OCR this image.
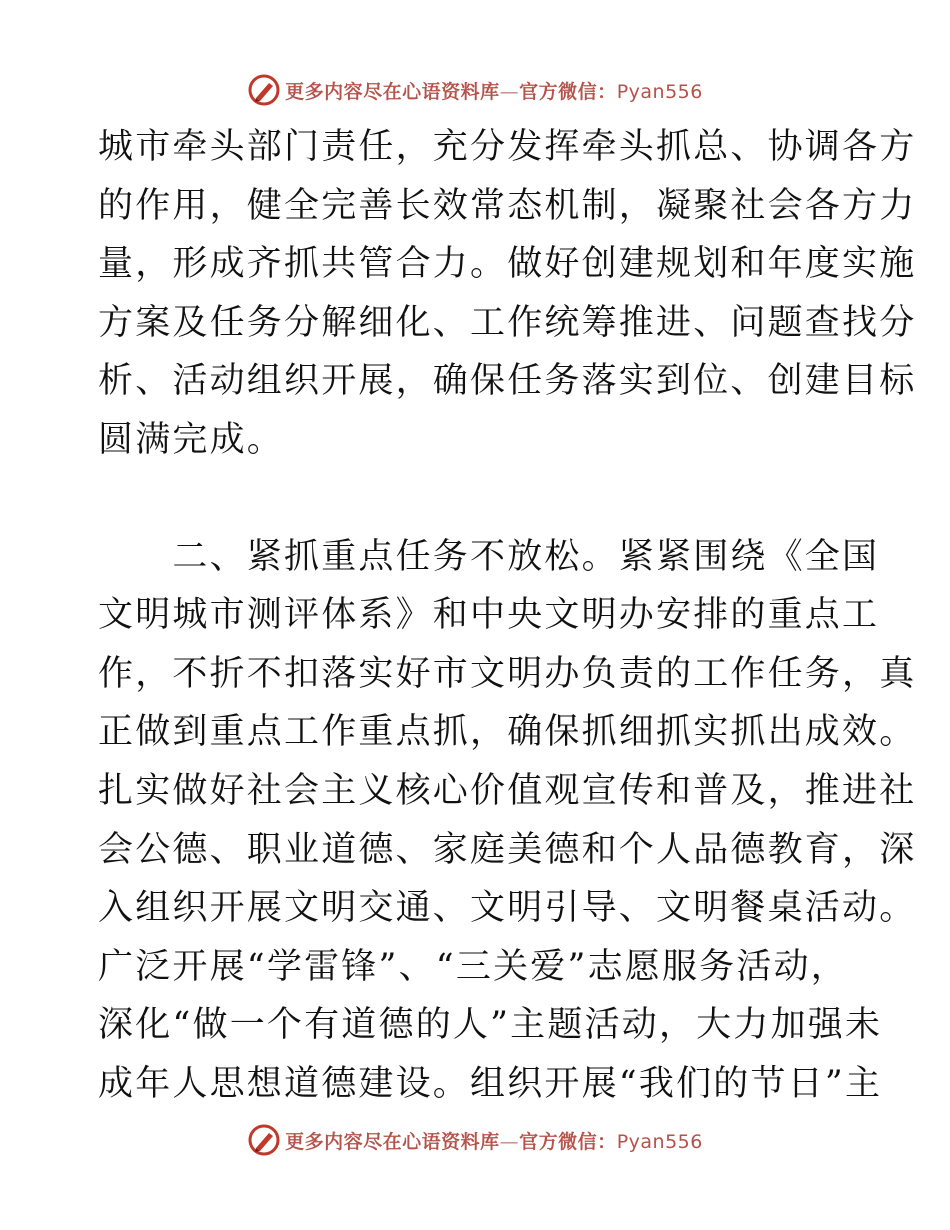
更多内容尽在心语资料库—官方微信：Pyan556
城市牵头部门责任，充分发挥牵头抓总、协调各方
的作用，健全完善长效常态机制，凝聚社会各方力
量，形成齐抓共管合力。做好创建规划和年度实施
方案及任务分解细化、工作统筹推进、问题查找分
析、活动组织开展，确保任务落实到位、创建目标
圆满完成。
　　二、紧抓重点任务不放松。紧紧围绕《全国
文明城市测评体系》和中央文明办安排的重点工
作，不折不扣落实好市文明办负责的工作任务，真
正做到重点工作重点抓，确保抓细抓实抓出成效。
扎实做好社会主义核心价值观宣传和普及，推进社
会公德、职业道德、家庭美德和个人品德教育，深
入组织开展文明交通、文明引导、文明餐桌活动。
广泛开展“学雷锋”、“三关爱”志愿服务活动，
深化“做一个有道德的人”主题活动，大力加强未
成年人思想道德建设。组织开展“我们的节日”主
更多内容尽在心语资料库—官方微信：Pyan556
